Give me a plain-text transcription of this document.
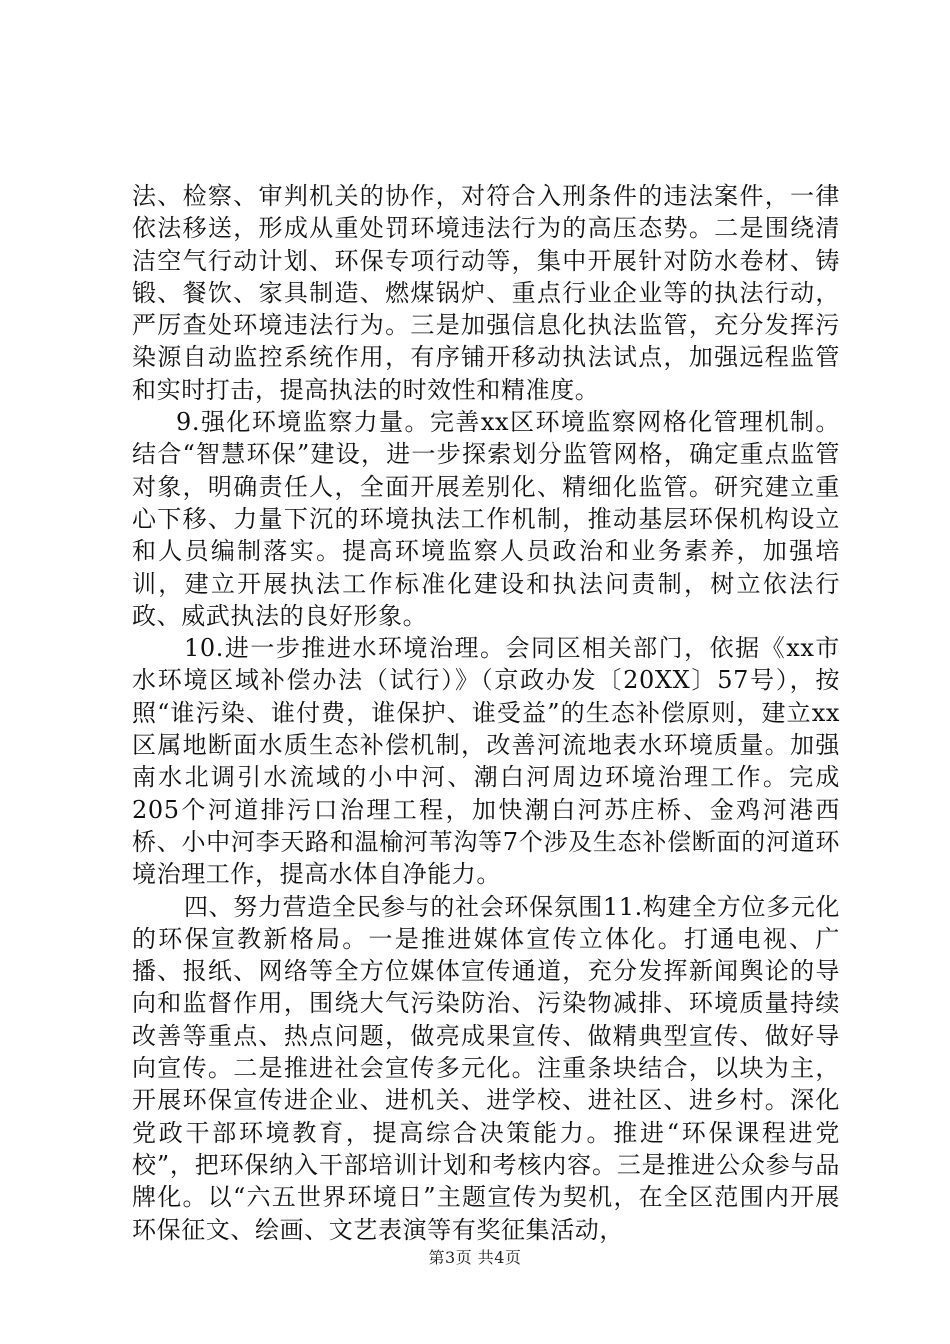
法、检察、审判机关的协作，对符合入刑条件的违法案件，一律依法移送，形成从重处罚环境违法行为的高压态势。二是围绕清洁空气行动计划、环保专项行动等，集中开展针对防水卷材、铸锻、餐饮、家具制造、燃煤锅炉、重点行业企业等的执法行动，严厉查处环境违法行为。三是加强信息化执法监管，充分发挥污染源自动监控系统作用，有序铺开移动执法试点，加强远程监管和实时打击，提高执法的时效性和精准度。

9.强化环境监察力量。完善xx区环境监察网格化管理机制。结合“智慧环保”建设，进一步探索划分监管网格，确定重点监管对象，明确责任人，全面开展差别化、精细化监管。研究建立重心下移、力量下沉的环境执法工作机制，推动基层环保机构设立和人员编制落实。提高环境监察人员政治和业务素养，加强培训，建立开展执法工作标准化建设和执法问责制，树立依法行政、威武执法的良好形象。

10.进一步推进水环境治理。会同区相关部门，依据《xx市水环境区域补偿办法（试行）》（京政办发〔20XX〕57号），按照“谁污染、谁付费，谁保护、谁受益”的生态补偿原则，建立xx区属地断面水质生态补偿机制，改善河流地表水环境质量。加强南水北调引水流域的小中河、潮白河周边环境治理工作。完成205个河道排污口治理工程，加快潮白河苏庄桥、金鸡河港西桥、小中河李天路和温榆河苇沟等7个涉及生态补偿断面的河道环境治理工作，提高水体自净能力。

四、努力营造全民参与的社会环保氛围11.构建全方位多元化的环保宣教新格局。一是推进媒体宣传立体化。打通电视、广播、报纸、网络等全方位媒体宣传通道，充分发挥新闻舆论的导向和监督作用，围绕大气污染防治、污染物减排、环境质量持续改善等重点、热点问题，做亮成果宣传、做精典型宣传、做好导向宣传。二是推进社会宣传多元化。注重条块结合，以块为主，开展环保宣传进企业、进机关、进学校、进社区、进乡村。深化党政干部环境教育，提高综合决策能力。推进“环保课程进党校”，把环保纳入干部培训计划和考核内容。三是推进公众参与品牌化。以“六五世界环境日”主题宣传为契机，在全区范围内开展环保征文、绘画、文艺表演等有奖征集活动，

第3页 共4页
